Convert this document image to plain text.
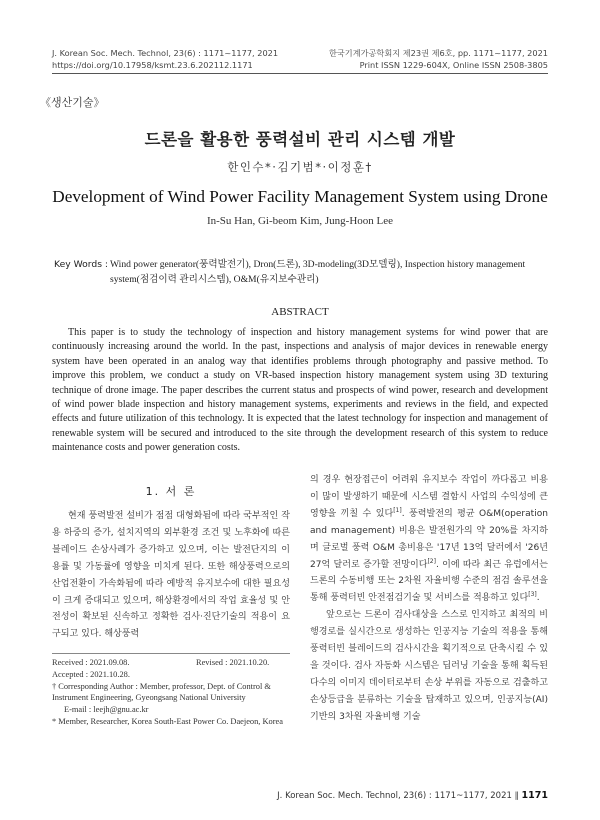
J. Korean Soc. Mech. Technol, 23(6) : 1171~1177, 2021
https://doi.org/10.17958/ksmt.23.6.202112.1171
한국기계가공학회지 제23권 제6호, pp. 1171~1177, 2021
Print ISSN 1229-604X, Online ISSN 2508-3805
《생산기술》
드론을 활용한 풍력설비 관리 시스템 개발
한인수*·김기범*·이정훈†
Development of Wind Power Facility Management System using Drone
In-Su Han, Gi-beom Kim, Jung-Hoon Lee
Key Words : Wind power generator(풍력발전기), Dron(드론), 3D-modeling(3D모델링), Inspection history management system(점검이력 관리시스템), O&M(유지보수관리)
ABSTRACT

This paper is to study the technology of inspection and history management systems for wind power that are continuously increasing around the world. In the past, inspections and analysis of major devices in renewable energy system have been operated in an analog way that identifies problems through photography and passive method. To improve this problem, we conduct a study on VR-based inspection history management system using 3D texturing technique of drone image. The paper describes the current status and prospects of wind power, research and development of wind power blade inspection and history management systems, experiments and reviews in the field, and expected effects and future utilization of this technology. It is expected that the latest technology for inspection and management of renewable system will be secured and introduced to the site through the development research of this system to reduce maintenance costs and power generation costs.

1. 서 론

현재 풍력발전 설비가 점점 대형화됨에 따라 국부적인 작용 하중의 증가, 설치지역의 외부환경 조건 및 노후화에 따른 블레이드 손상사례가 증가하고 있으며, 이는 발전단지의 이용률 및 가동률에 영향을 미치게 된다. 또한 해상풍력으로의 산업전환이 가속화됨에 따라 예방적 유지보수에 대한 필요성이 크게 증대되고 있으며, 해상환경에서의 작업 효율성 및 안전성이 확보된 신속하고 정확한 검사·진단기술의 적용이 요구되고 있다. 해상풍력

의 경우 현장접근이 어려워 유지보수 작업이 까다롭고 비용이 많이 발생하기 때문에 시스템 결함시 사업의 수익성에 큰 영향을 끼칠 수 있다[1]. 풍력발전의 평균 O&M(operation and management) 비용은 발전원가의 약 20%를 차지하며 글로벌 풍력 O&M 총비용은 '17년 13억 달러에서 '26년 27억 달러로 증가할 전망이다[2]. 이에 따라 최근 유럽에서는 드론의 수동비행 또는 2차원 자율비행 수준의 점검 솔루션을 통해 풍력터빈 안전점검기술 및 서비스를 적용하고 있다[3].

앞으로는 드론이 검사대상을 스스로 인지하고 최적의 비행경로를 실시간으로 생성하는 인공지능 기술의 적용을 통해 풍력터빈 블레이드의 검사시간을 획기적으로 단축시킬 수 있을 것이다. 검사 자동화 시스템은 딥러닝 기술을 통해 획득된 다수의 이미지 데이터로부터 손상 부위를 자동으로 검출하고 손상등급을 분류하는 기술을 탑재하고 있으며, 인공지능(AI) 기반의 3차원 자율비행 기술

Received : 2021.09.08.	Revised : 2021.10.20.
Accepted : 2021.10.28.
† Corresponding Author : Member, professor, Dept. of Control & Instrument Engineering, Gyeongsang National University
E-mail : leejh@gnu.ac.kr
* Member, Researcher, Korea South-East Power Co. Daejeon, Korea
J. Korean Soc. Mech. Technol, 23(6) : 1171~1177, 2021 ∥ 1171
